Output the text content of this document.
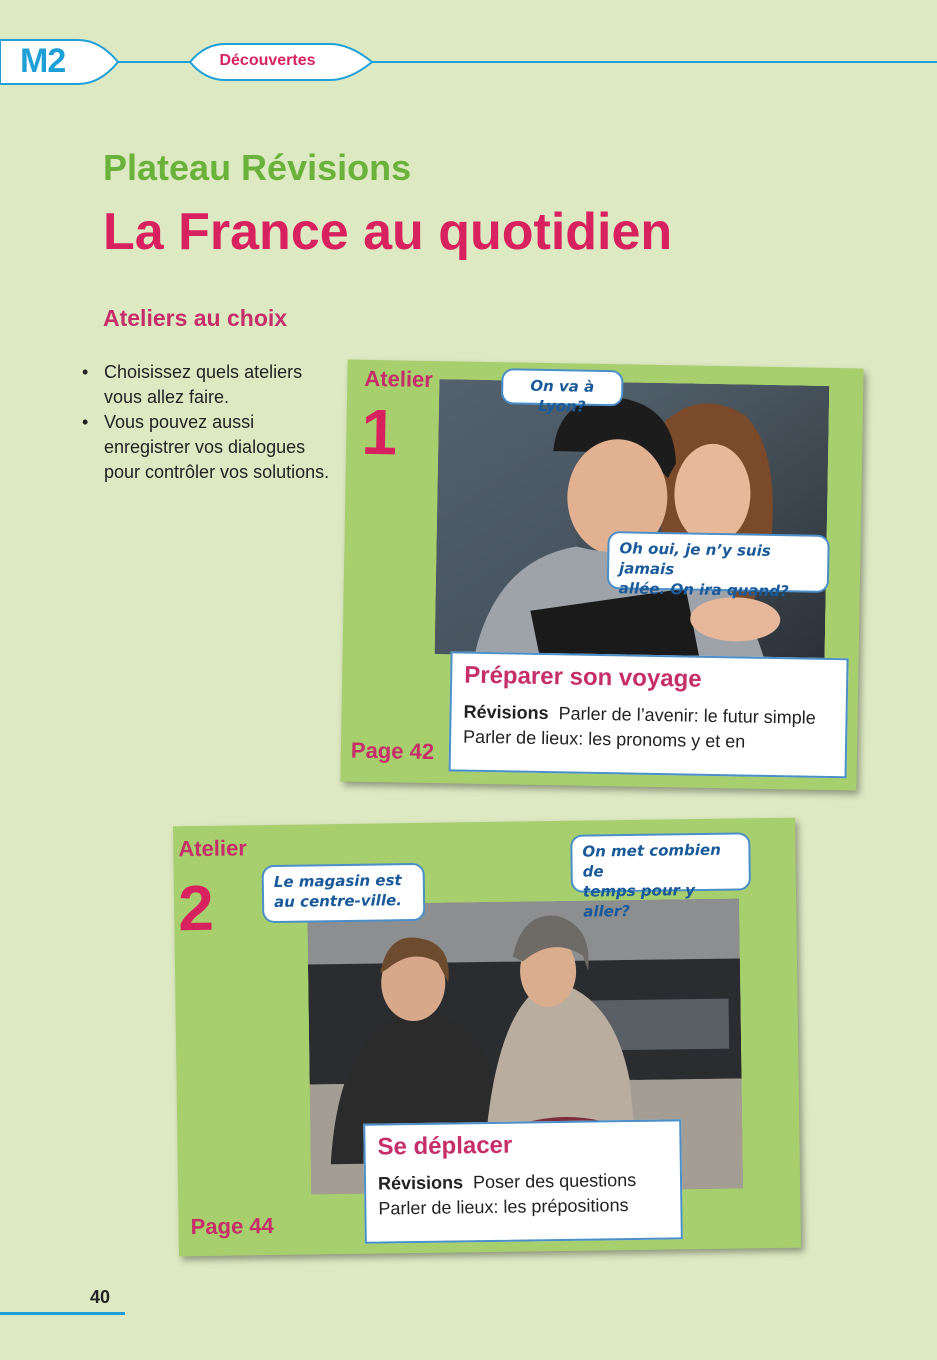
M2	Découvertes
Plateau Révisions
La France au quotidien
Ateliers au choix
• Choisissez quels ateliers vous allez faire.
• Vous pouvez aussi enregistrer vos dialogues pour contrôler vos solutions.
Atelier
1
On va à Lyon?
Oh oui, je n’y suis jamais
allée. On ira quand?
Préparer son voyage
Révisions Parler de l’avenir: le futur simple
Parler de lieux: les pronoms y et en
Page 42
Atelier
2	Le magasin est
au centre-ville.
On met combien de
temps pour y aller?
Se déplacer
Révisions Poser des questions
Parler de lieux: les prépositions
Page 44
40
